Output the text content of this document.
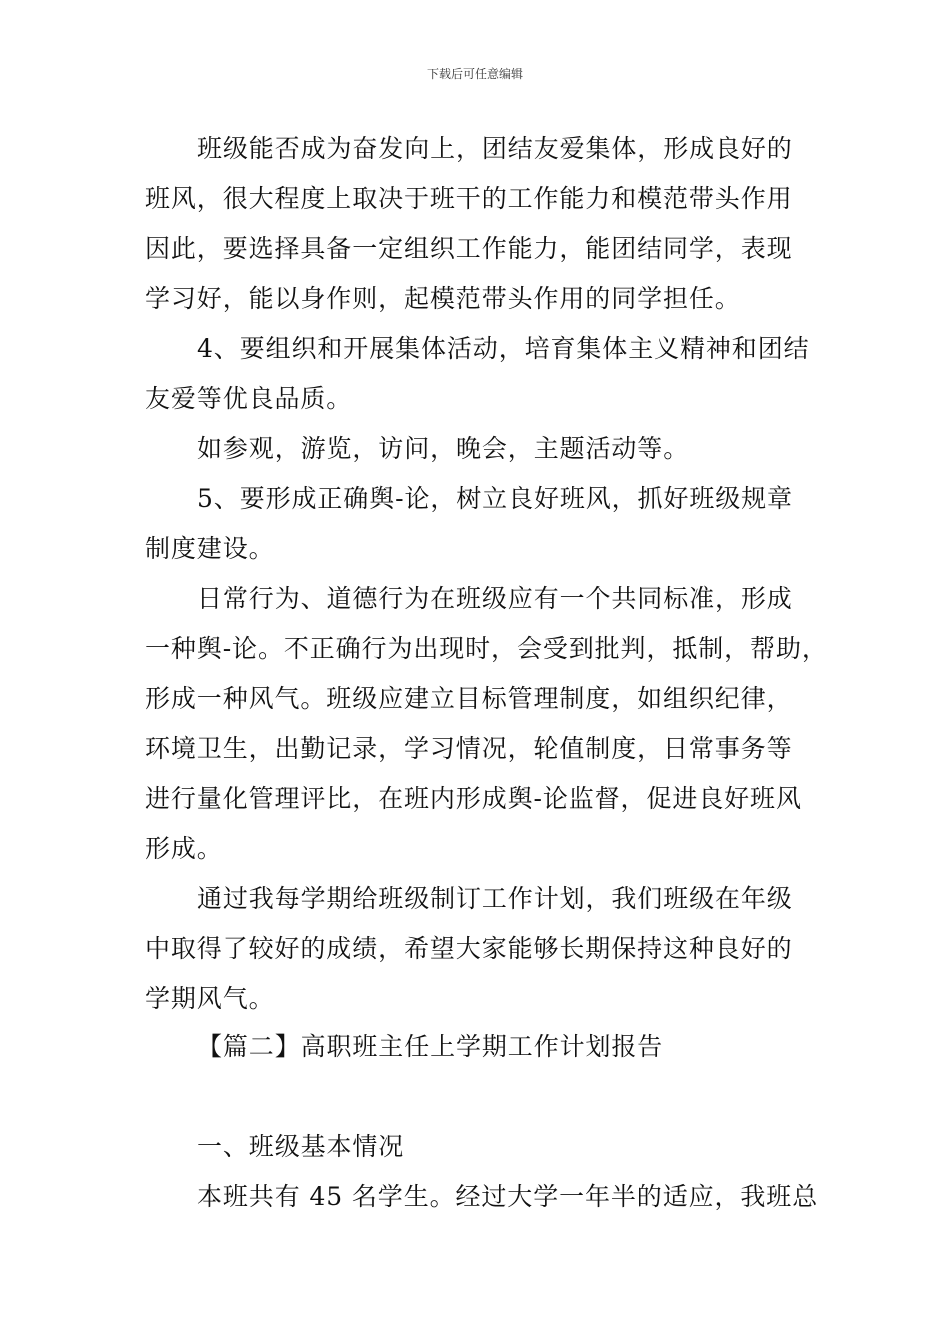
下载后可任意编辑
班级能否成为奋发向上，团结友爱集体，形成良好的
班风，很大程度上取决于班干的工作能力和模范带头作用
因此，要选择具备一定组织工作能力，能团结同学，表现
学习好，能以身作则，起模范带头作用的同学担任。
4、要组织和开展集体活动，培育集体主义精神和团结
友爱等优良品质。
如参观，游览，访问，晚会，主题活动等。
5、要形成正确舆-论，树立良好班风，抓好班级规章
制度建设。
日常行为、道德行为在班级应有一个共同标准，形成
一种舆-论。不正确行为出现时，会受到批判，抵制，帮助，
形成一种风气。班级应建立目标管理制度，如组织纪律，
环境卫生，出勤记录，学习情况，轮值制度，日常事务等
进行量化管理评比，在班内形成舆-论监督，促进良好班风
形成。
通过我每学期给班级制订工作计划，我们班级在年级
中取得了较好的成绩，希望大家能够长期保持这种良好的
学期风气。
【篇二】高职班主任上学期工作计划报告
一、班级基本情况
本班共有 45 名学生。经过大学一年半的适应，我班总
